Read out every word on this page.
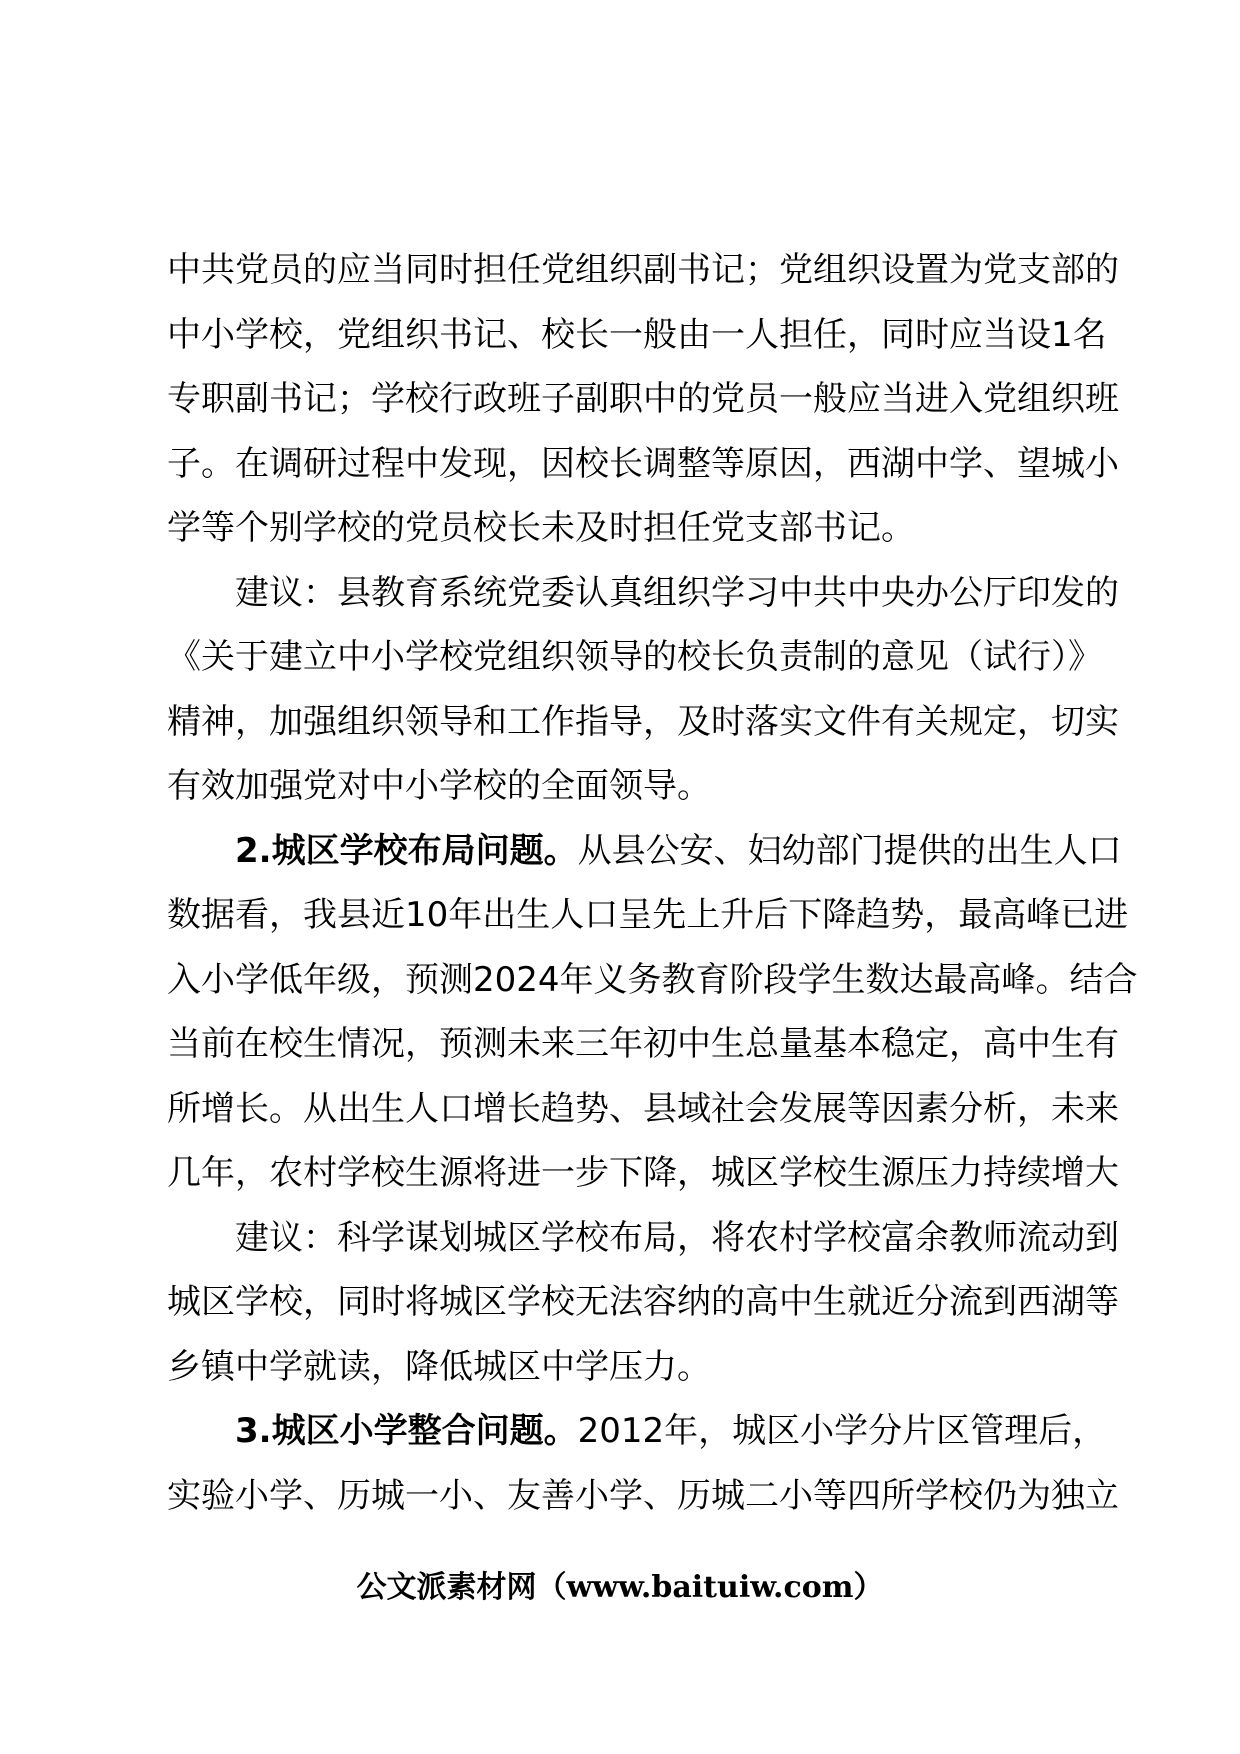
中共党员的应当同时担任党组织副书记；党组织设置为党支部的
中小学校，党组织书记、校长一般由一人担任，同时应当设1名
专职副书记；学校行政班子副职中的党员一般应当进入党组织班
子。在调研过程中发现，因校长调整等原因，西湖中学、望城小
学等个别学校的党员校长未及时担任党支部书记。
建议：县教育系统党委认真组织学习中共中央办公厅印发的
《关于建立中小学校党组织领导的校长负责制的意见（试行）》
精神，加强组织领导和工作指导，及时落实文件有关规定，切实
有效加强党对中小学校的全面领导。
2.城区学校布局问题。从县公安、妇幼部门提供的出生人口
数据看，我县近10年出生人口呈先上升后下降趋势，最高峰已进
入小学低年级，预测2024年义务教育阶段学生数达最高峰。结合
当前在校生情况，预测未来三年初中生总量基本稳定，高中生有
所增长。从出生人口增长趋势、县域社会发展等因素分析，未来
几年，农村学校生源将进一步下降，城区学校生源压力持续增大
建议：科学谋划城区学校布局，将农村学校富余教师流动到
城区学校，同时将城区学校无法容纳的高中生就近分流到西湖等
乡镇中学就读，降低城区中学压力。
3.城区小学整合问题。2012年，城区小学分片区管理后，
实验小学、历城一小、友善小学、历城二小等四所学校仍为独立
公文派素材网（www.baituiw.com）
